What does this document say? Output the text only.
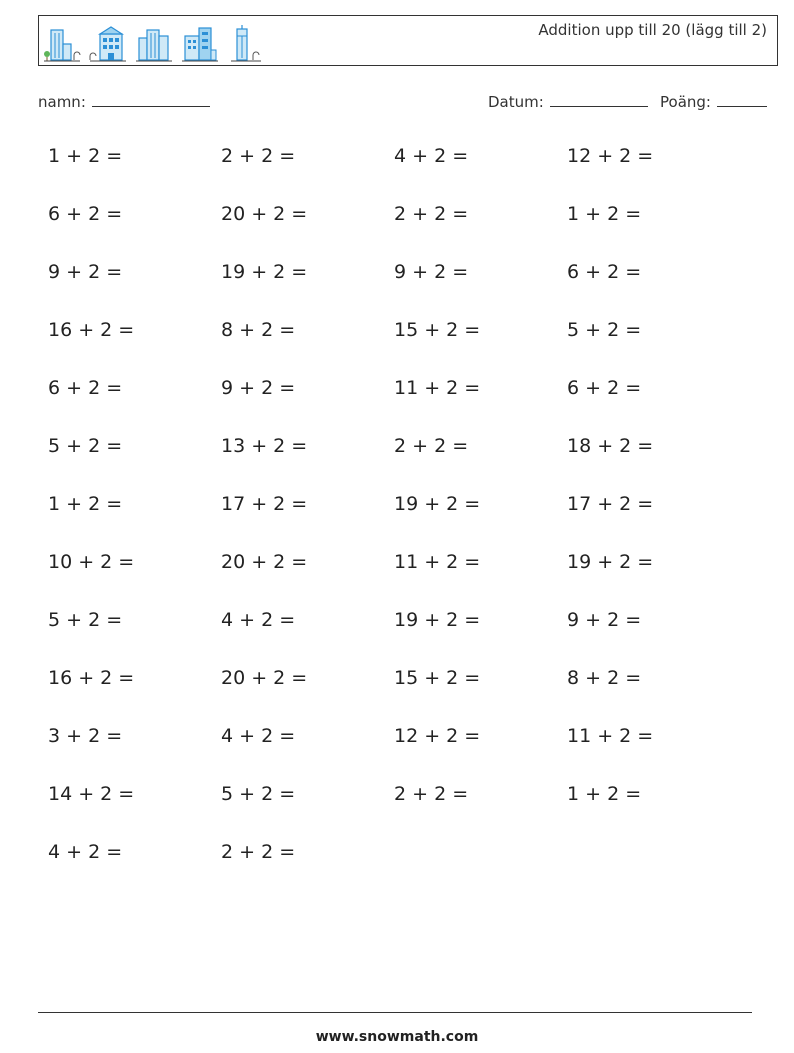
Addition upp till 20 (lägg till 2)
namn:	Datum:	Poäng:
1 + 2 =	2 + 2 =	4 + 2 =	12 + 2 =
6 + 2 =	20 + 2 =	2 + 2 =	1 + 2 =
9 + 2 =	19 + 2 =	9 + 2 =	6 + 2 =
16 + 2 =	8 + 2 =	15 + 2 =	5 + 2 =
6 + 2 =	9 + 2 =	11 + 2 =	6 + 2 =
5 + 2 =	13 + 2 =	2 + 2 =	18 + 2 =
1 + 2 =	17 + 2 =	19 + 2 =	17 + 2 =
10 + 2 =	20 + 2 =	11 + 2 =	19 + 2 =
5 + 2 =	4 + 2 =	19 + 2 =	9 + 2 =
16 + 2 =	20 + 2 =	15 + 2 =	8 + 2 =
3 + 2 =	4 + 2 =	12 + 2 =	11 + 2 =
14 + 2 =	5 + 2 =	2 + 2 =	1 + 2 =
4 + 2 =	2 + 2 =
www.snowmath.com
